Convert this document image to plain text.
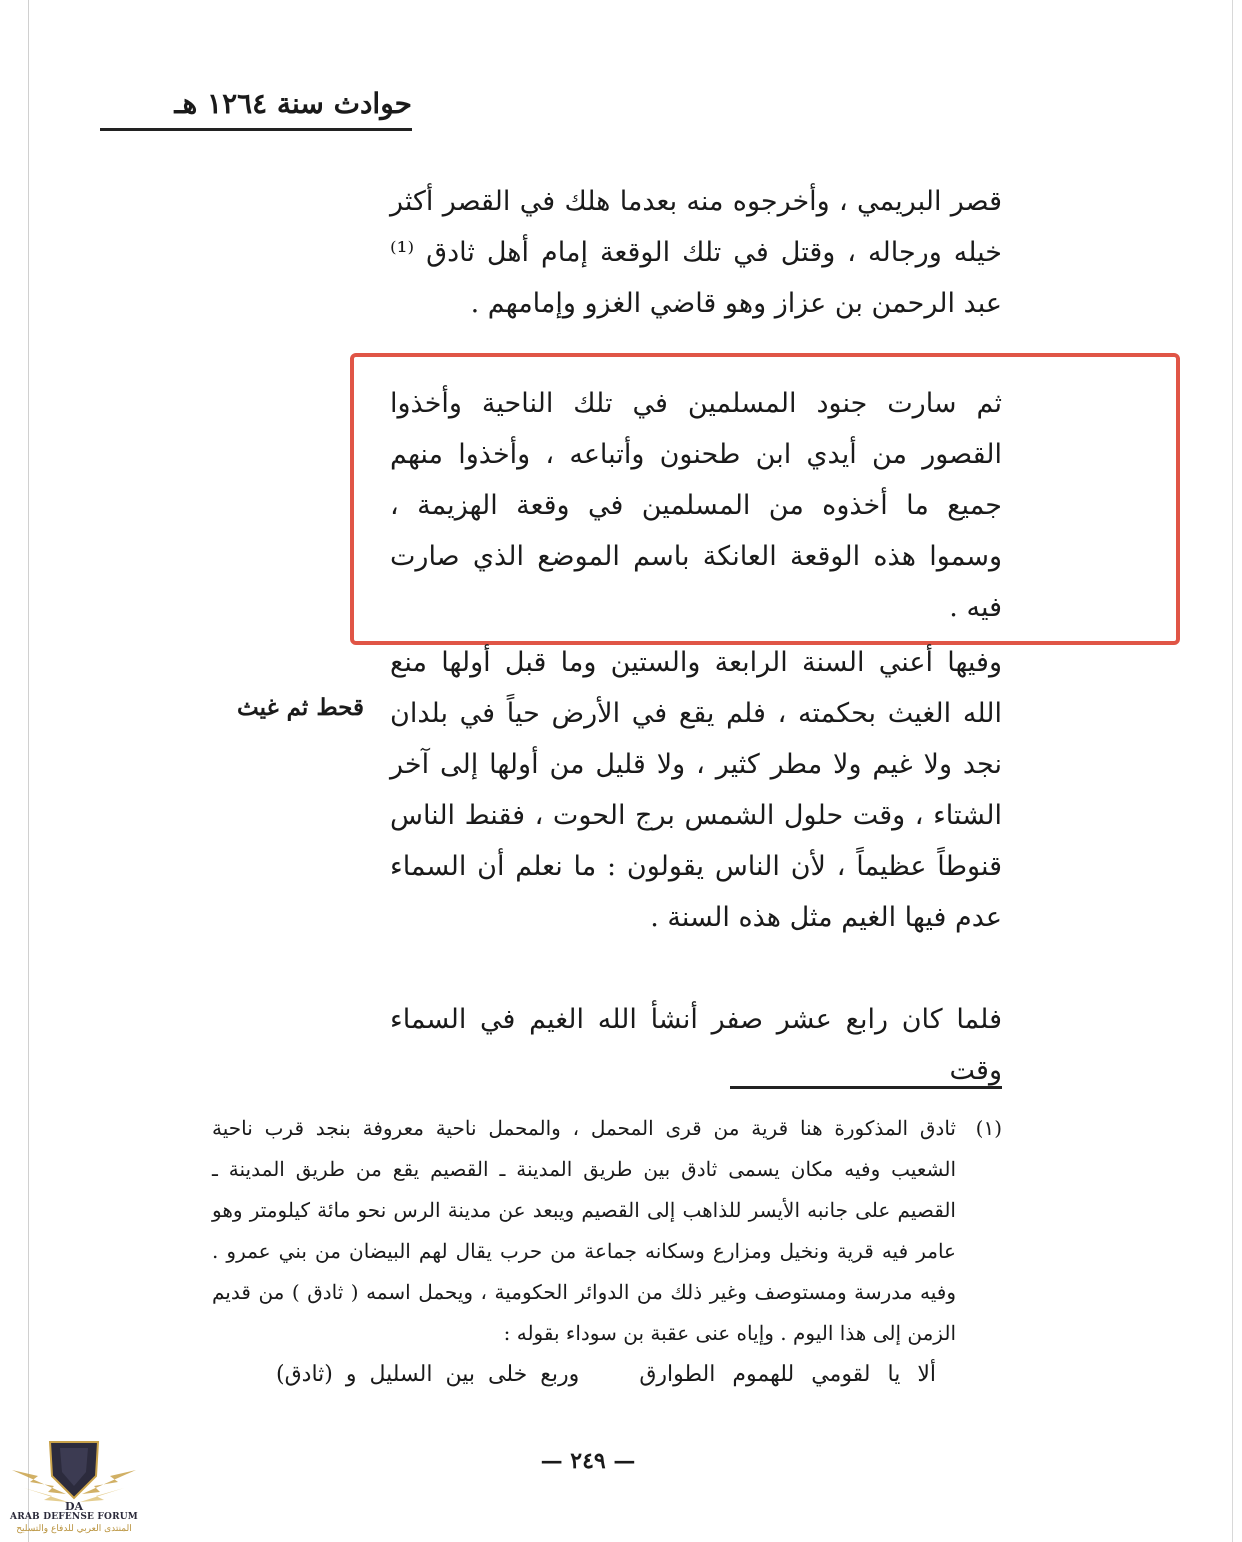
حوادث سنة ١٢٦٤ هـ

قصر البريمي ، وأخرجوه منه بعدما هلك في القصر أكثر خيله ورجاله ، وقتل في تلك الوقعة إمام أهل ثادق ⁽¹⁾ عبد الرحمن بن عزاز وهو قاضي الغزو وإمامهم .

ثم سارت جنود المسلمين في تلك الناحية وأخذوا القصور من أيدي ابن طحنون وأتباعه ، وأخذوا منهم جميع ما أخذوه من المسلمين في وقعة الهزيمة ، وسموا هذه الوقعة العانكة باسم الموضع الذي صارت فيه .

وفيها أعني السنة الرابعة والستين وما قبل أولها منع الله الغيث بحكمته ، فلم يقع في الأرض حياً في بلدان نجد ولا غيم ولا مطر كثير ، ولا قليل من أولها إلى آخر الشتاء ، وقت حلول الشمس برج الحوت ، فقنط الناس قنوطاً عظيماً ، لأن الناس يقولون : ما نعلم أن السماء عدم فيها الغيم مثل هذه السنة .

قحط ثم غيث

فلما كان رابع عشر صفر أنشأ الله الغيم في السماء وقت

(١)
ثادق المذكورة هنا قرية من قرى المحمل ، والمحمل ناحية معروفة بنجد قرب ناحية الشعيب وفيه مكان يسمى ثادق بين طريق المدينة ـ القصيم يقع من طريق المدينة ـ القصيم على جانبه الأيسر للذاهب إلى القصيم ويبعد عن مدينة الرس نحو مائة كيلومتر وهو عامر فيه قرية ونخيل ومزارع وسكانه جماعة من حرب يقال لهم البيضان من بني عمرو . وفيه مدرسة ومستوصف وغير ذلك من الدوائر الحكومية ، ويحمل اسمه ( ثادق ) من قديم الزمن إلى هذا اليوم . وإياه عنى عقبة بن سوداء بقوله :
ألا يا لقومي للهموم الطوارق
وربع خلى بين السليل و (ثادق)
— ٢٤٩ —
DA
ARAB DEFENSE FORUM
المنتدى العربي للدفاع والتسليح
